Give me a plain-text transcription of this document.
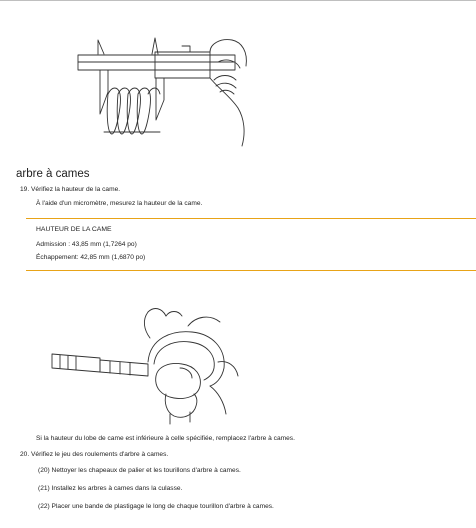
arbre à cames
19. Vérifiez la hauteur de la came.
À l'aide d'un micromètre, mesurez la hauteur de la came.
HAUTEUR DE LA CAME
Admission : 43,85 mm (1,7264 po)
Échappement: 42,85 mm (1,6870 po)
Si la hauteur du lobe de came est inférieure à celle spécifiée, remplacez l'arbre à cames.
20. Vérifiez le jeu des roulements d'arbre à cames.
(20) Nettoyer les chapeaux de palier et les tourillons d'arbre à cames.
(21) Installez les arbres à cames dans la culasse.
(22) Placer une bande de plastigage le long de chaque tourillon d'arbre à cames.
